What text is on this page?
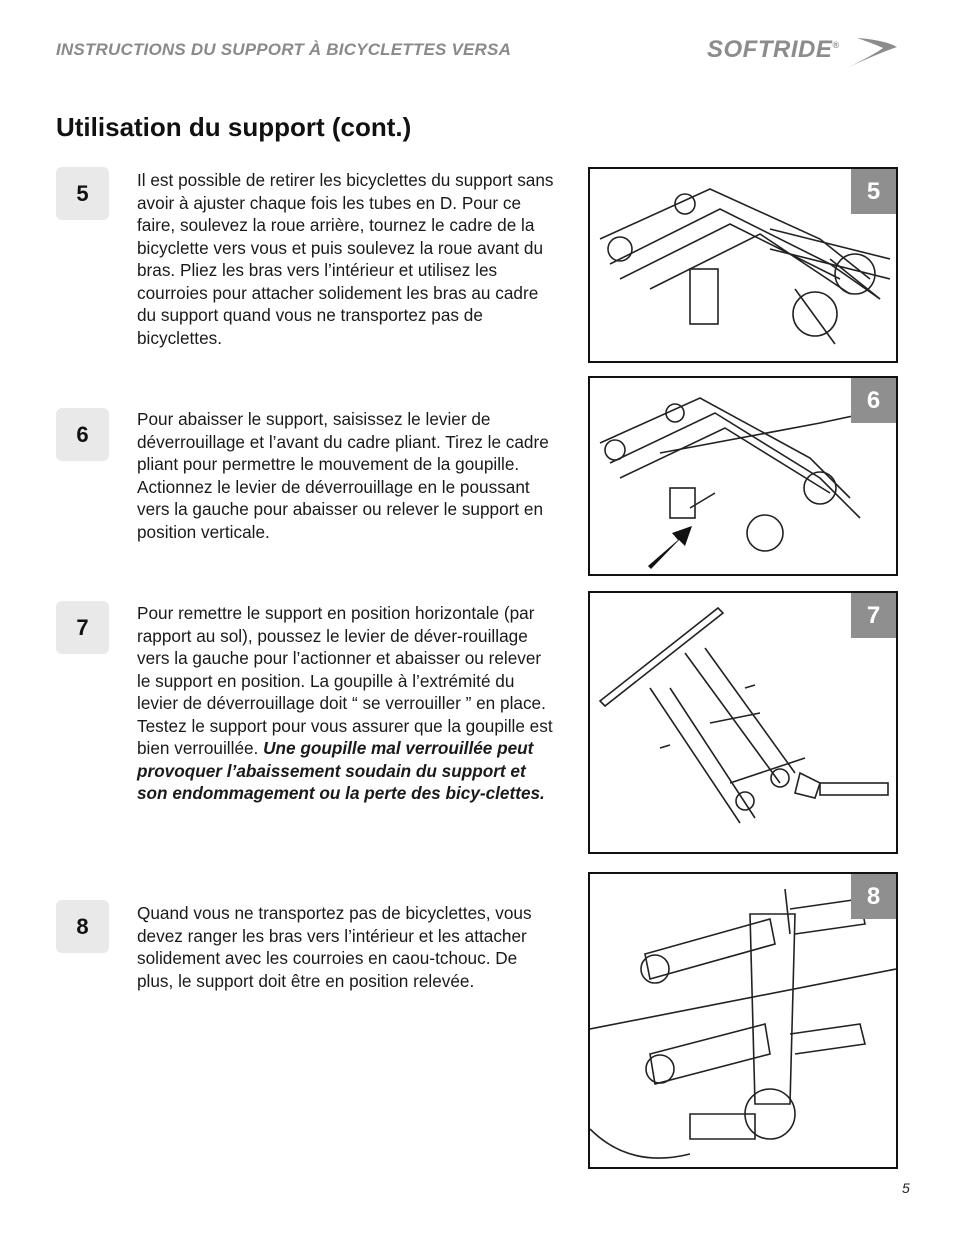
INSTRUCTIONS DU SUPPORT À BICYCLETTES VERSA	SOFTRIDE®
Utilisation du support (cont.)
5
Il est possible de retirer les bicyclettes du support sans avoir à ajuster chaque fois les tubes en D. Pour ce faire, soulevez la roue arrière, tournez le cadre de la bicyclette vers vous et puis soulevez la roue avant du bras. Pliez les bras vers l’intérieur et utilisez les courroies pour attacher solidement les bras au cadre du support quand vous ne transportez pas de bicyclettes.
6
Pour abaisser le support, saisissez le levier de déverrouillage et l’avant du cadre pliant. Tirez le cadre pliant pour permettre le mouvement de la goupille. Actionnez le levier de déverrouillage en le poussant vers la gauche pour abaisser ou relever le support en position verticale.
7
Pour remettre le support en position horizontale (par rapport au sol), poussez le levier de déver-rouillage vers la gauche pour l’actionner et abaisser ou relever le support en position. La goupille à l’extrémité du levier de déverrouillage doit “ se verrouiller ” en place. Testez le support pour vous assurer que la goupille est bien verrouillée. Une goupille mal verrouillée peut provoquer l’abaissement soudain du support et son endommagement ou la perte des bicy-clettes.
8
Quand vous ne transportez pas de bicyclettes, vous devez ranger les bras vers l’intérieur et les attacher solidement avec les courroies en caou-tchouc. De plus, le support doit être en position relevée.
5
6
7
8
5
